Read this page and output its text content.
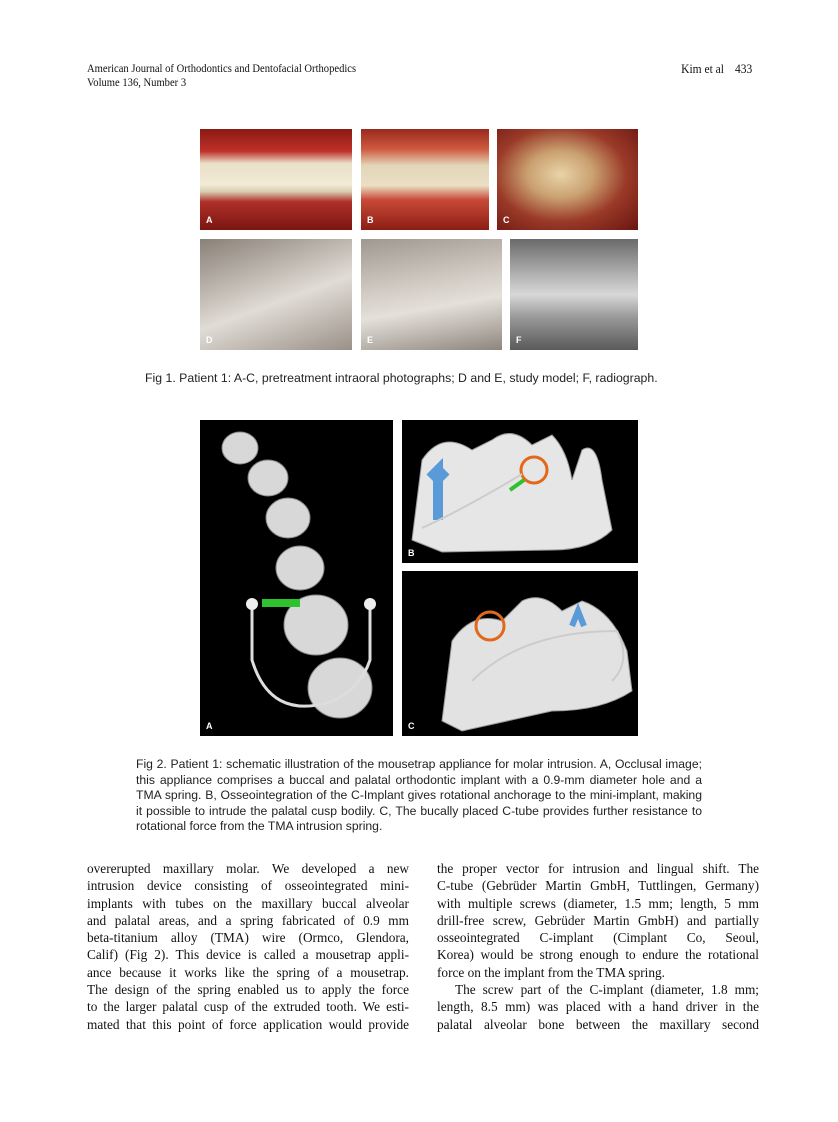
American Journal of Orthodontics and Dentofacial Orthopedics
Volume 136, Number 3
Kim et al 433
A	B	C
D	E	F
Fig 1. Patient 1: A-C, pretreatment intraoral photographs; D and E, study model; F, radiograph.
A
B
C
Fig 2. Patient 1: schematic illustration of the mousetrap appliance for molar intrusion. A, Occlusal image; this appliance comprises a buccal and palatal orthodontic implant with a 0.9-mm diameter hole and a TMA spring. B, Osseointegration of the C-Implant gives rotational anchorage to the mini-implant, making it possible to intrude the palatal cusp bodily. C, The bucally placed C-tube provides further resistance to rotational force from the TMA intrusion spring.
overerupted maxillary molar. We developed a new
intrusion device consisting of osseointegrated mini-
implants with tubes on the maxillary buccal alveolar
and palatal areas, and a spring fabricated of 0.9 mm
beta-titanium alloy (TMA) wire (Ormco, Glendora,
Calif) (Fig 2). This device is called a mousetrap appli-
ance because it works like the spring of a mousetrap.
The design of the spring enabled us to apply the force
to the larger palatal cusp of the extruded tooth. We esti-
mated that this point of force application would provide
the proper vector for intrusion and lingual shift. The
C-tube (Gebrüder Martin GmbH, Tuttlingen, Germany)
with multiple screws (diameter, 1.5 mm; length, 5 mm
drill-free screw, Gebrüder Martin GmbH) and partially
osseointegrated C-implant (Cimplant Co, Seoul,
Korea) would be strong enough to endure the rotational
force on the implant from the TMA spring.
The screw part of the C-implant (diameter, 1.8 mm;
length, 8.5 mm) was placed with a hand driver in the
palatal alveolar bone between the maxillary second
